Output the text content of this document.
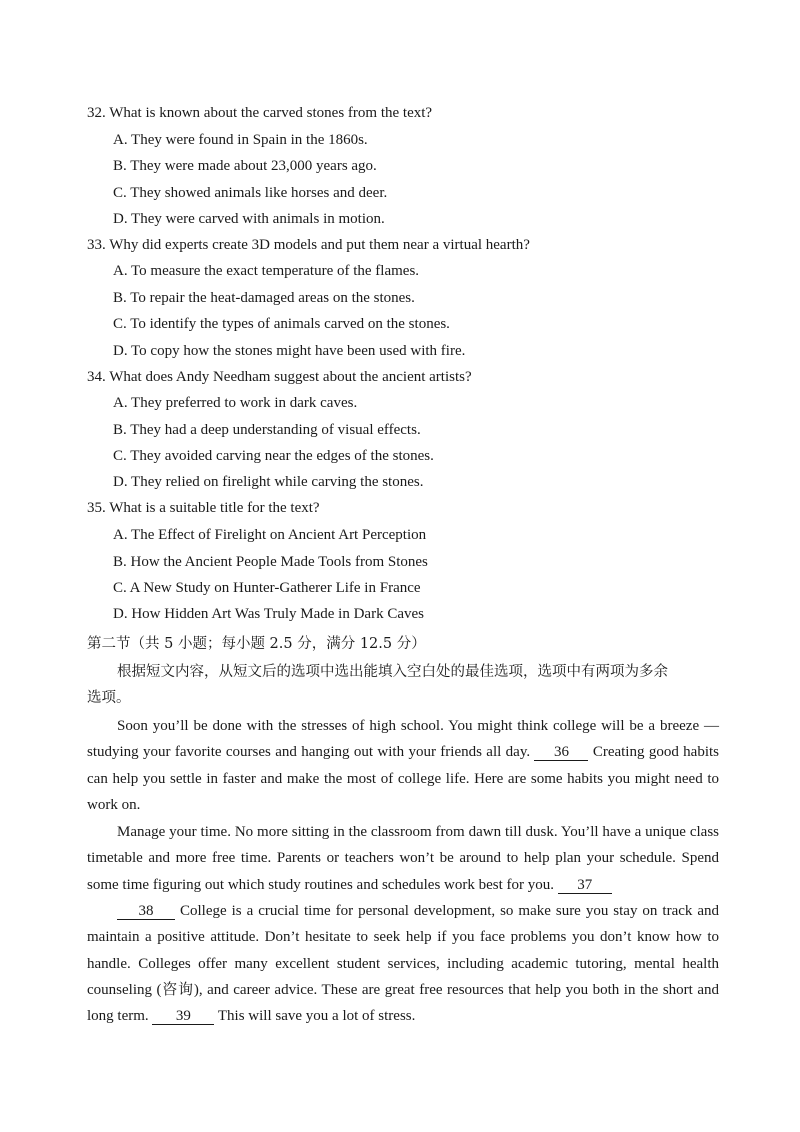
32. What is known about the carved stones from the text?
A. They were found in Spain in the 1860s.
B. They were made about 23,000 years ago.
C. They showed animals like horses and deer.
D. They were carved with animals in motion.
33. Why did experts create 3D models and put them near a virtual hearth?
A. To measure the exact temperature of the flames.
B. To repair the heat-damaged areas on the stones.
C. To identify the types of animals carved on the stones.
D. To copy how the stones might have been used with fire.
34. What does Andy Needham suggest about the ancient artists?
A. They preferred to work in dark caves.
B. They had a deep understanding of visual effects.
C. They avoided carving near the edges of the stones.
D. They relied on firelight while carving the stones.
35. What is a suitable title for the text?
A. The Effect of Firelight on Ancient Art Perception
B. How the Ancient People Made Tools from Stones
C. A New Study on Hunter-Gatherer Life in France
D. How Hidden Art Was Truly Made in Dark Caves
第二节（共 5 小题；每小题 2.5 分，满分 12.5 分）
根据短文内容，从短文后的选项中选出能填入空白处的最佳选项，选项中有两项为多余
选项。

Soon you’ll be done with the stresses of high school. You might think college will be a breeze — studying your favorite courses and hanging out with your friends all day. 36 Creating good habits can help you settle in faster and make the most of college life. Here are some habits you might need to work on.

Manage your time. No more sitting in the classroom from dawn till dusk. You’ll have a unique class timetable and more free time. Parents or teachers won’t be around to help plan your schedule. Spend some time figuring out which study routines and schedules work best for you. 37

38 College is a crucial time for personal development, so make sure you stay on track and maintain a positive attitude. Don’t hesitate to seek help if you face problems you don’t know how to handle. Colleges offer many excellent student services, including academic tutoring, mental health counseling (咨询), and career advice. These are great free resources that help you both in the short and long term. 39 This will save you a lot of stress.
